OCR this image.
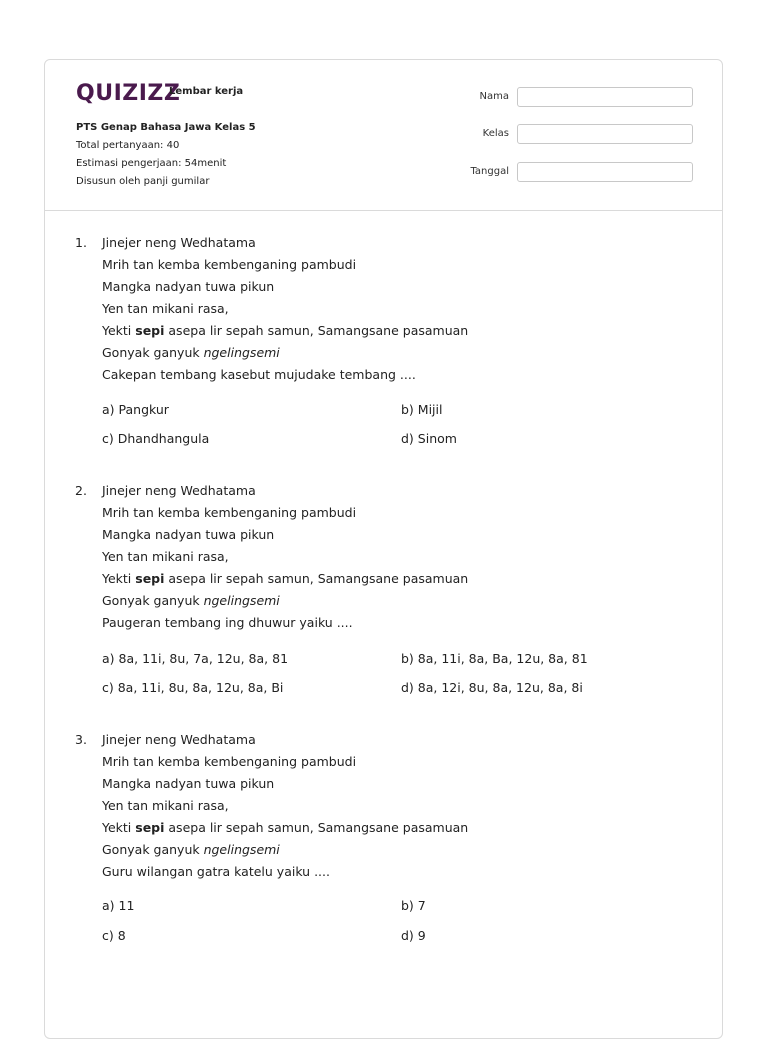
QUIZIZZ
Lembar kerja
PTS Genap Bahasa Jawa Kelas 5
Total pertanyaan: 40
Estimasi pengerjaan: 54menit
Disusun oleh panji gumilar
Nama
Kelas
Tanggal
1. Jinejer neng Wedhatama
Mrih tan kemba kembenganing pambudi
Mangka nadyan tuwa pikun
Yen tan mikani rasa,
Yekti sepi asepa lir sepah samun, Samangsane pasamuan
Gonyak ganyuk ngelingsemi
Cakepan tembang kasebut mujudake tembang ....
a) Pangkur	b) Mijil
c) Dhandhangula	d) Sinom
2. Jinejer neng Wedhatama
Mrih tan kemba kembenganing pambudi
Mangka nadyan tuwa pikun
Yen tan mikani rasa,
Yekti sepi asepa lir sepah samun, Samangsane pasamuan
Gonyak ganyuk ngelingsemi
Paugeran tembang ing dhuwur yaiku ....
a) 8a, 11i, 8u, 7a, 12u, 8a, 81	b) 8a, 11i, 8a, Ba, 12u, 8a, 81
c) 8a, 11i, 8u, 8a, 12u, 8a, Bi	d) 8a, 12i, 8u, 8a, 12u, 8a, 8i
3. Jinejer neng Wedhatama
Mrih tan kemba kembenganing pambudi
Mangka nadyan tuwa pikun
Yen tan mikani rasa,
Yekti sepi asepa lir sepah samun, Samangsane pasamuan
Gonyak ganyuk ngelingsemi
Guru wilangan gatra katelu yaiku ....
a) 11	b) 7
c) 8	d) 9
